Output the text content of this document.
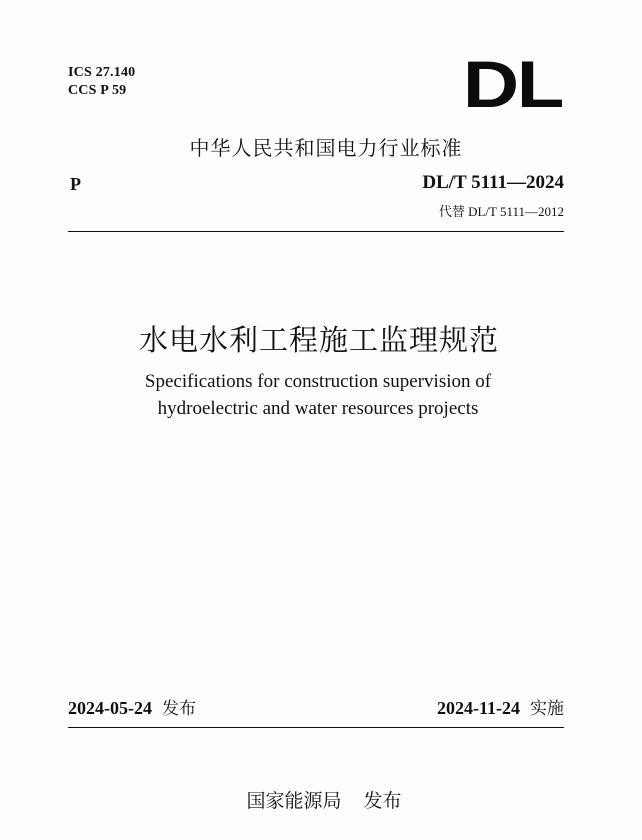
ICS 27.140
CCS P 59	DL
中华人民共和国电力行业标准
P	DL/T 5111—2024
代替 DL/T 5111—2012
水电水利工程施工监理规范
Specifications for construction supervision of
hydroelectric and water resources projects
2024-05-24 发布	2024-11-24 实施
国家能源局 发布
